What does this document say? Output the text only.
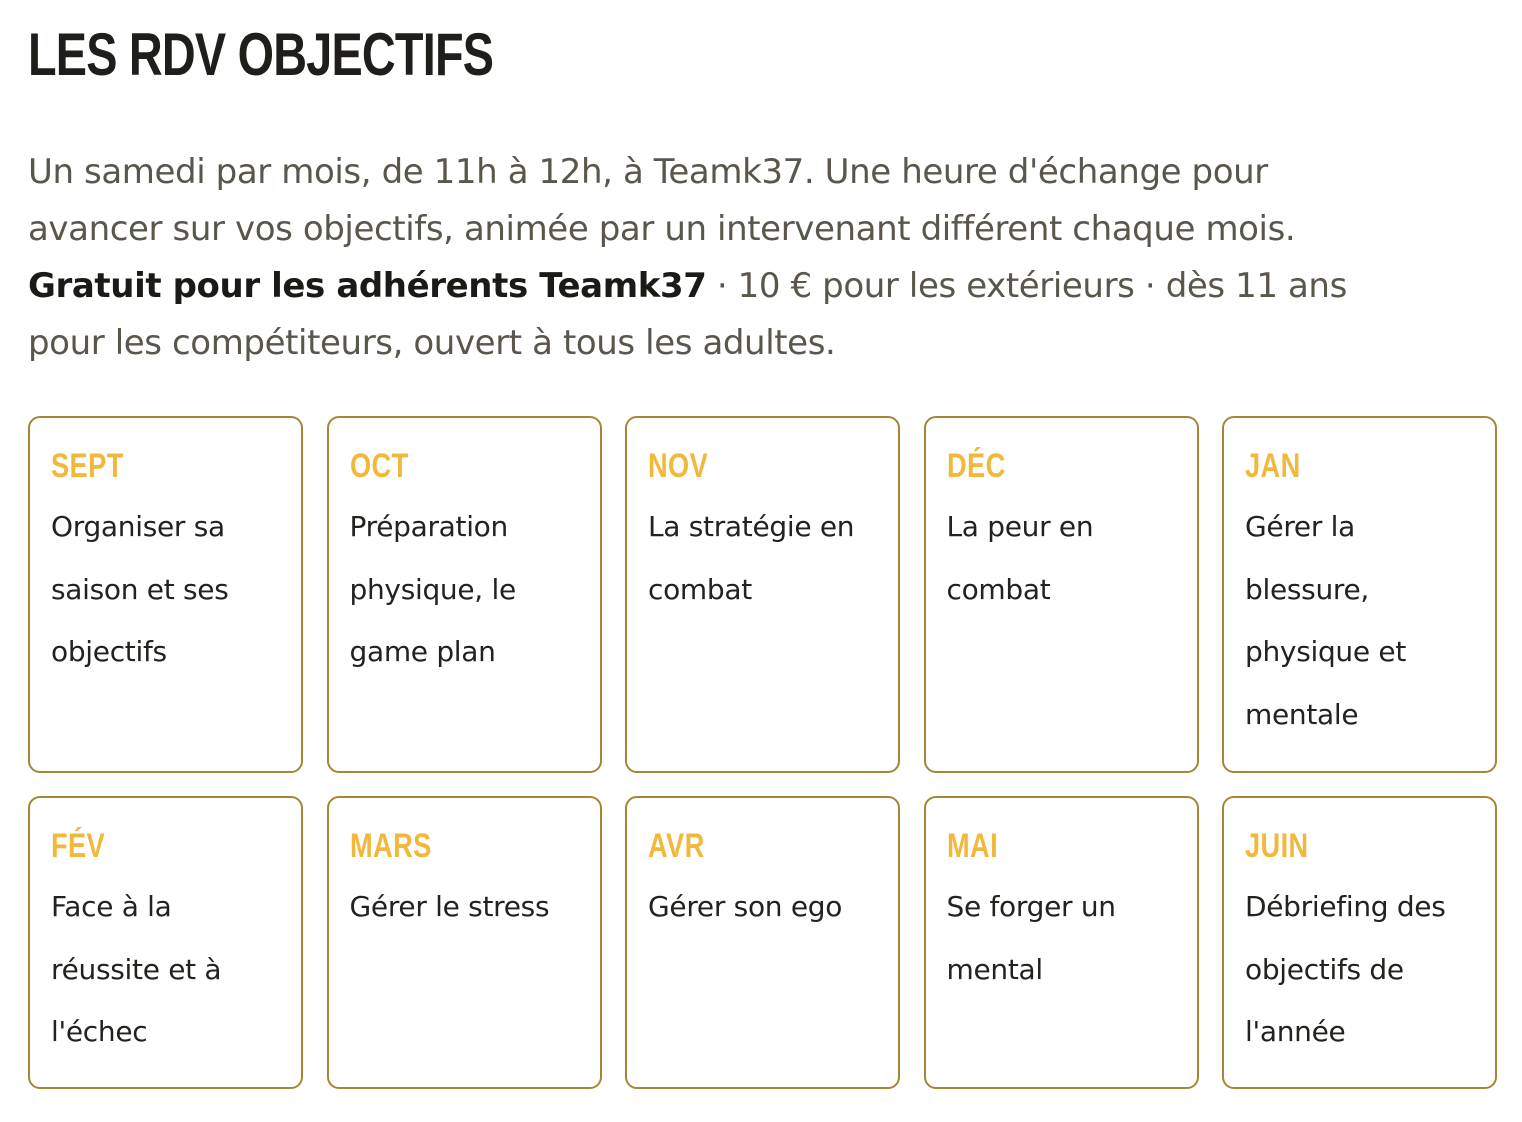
LES RDV OBJECTIFS

Un samedi par mois, de 11h à 12h, à Teamk37. Une heure d'échange pour avancer sur vos objectifs, animée par un intervenant différent chaque mois. Gratuit pour les adhérents Teamk37 · 10 € pour les extérieurs · dès 11 ans pour les compétiteurs, ouvert à tous les adultes.

SEPT
Organiser sa saison et ses objectifs
OCT
Préparation physique, le game plan
NOV
La stratégie en combat
DÉC
La peur en combat
JAN
Gérer la blessure, physique et mentale
FÉV
Face à la réussite et à l'échec
MARS
Gérer le stress
AVR
Gérer son ego
MAI
Se forger un mental
JUIN
Débriefing des objectifs de l'année
